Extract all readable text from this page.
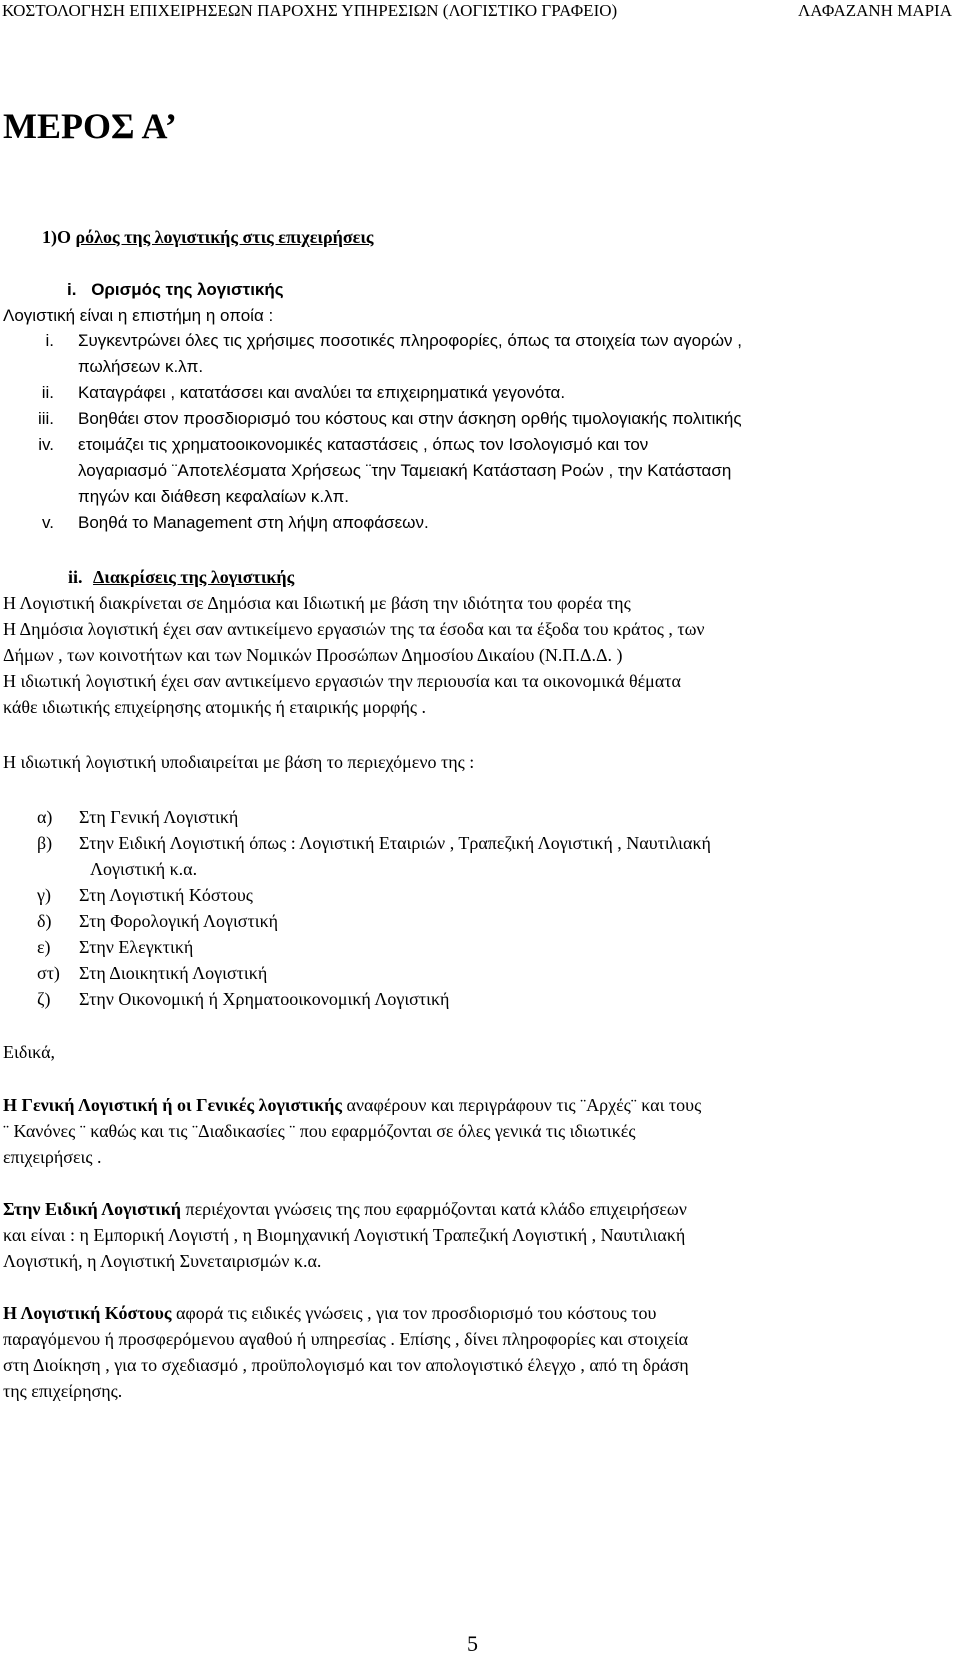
ΚΟΣΤΟΛΟΓΗΣΗ ΕΠΙΧΕΙΡΗΣΕΩΝ ΠΑΡΟΧΗΣ ΥΠΗΡΕΣΙΩΝ (ΛΟΓΙΣΤΙΚΟ ΓΡΑΦΕΙΟ)	ΛΑΦΑΖΑΝΗ ΜΑΡΙΑ
ΜΕΡΟΣ Α’
1)Ο ρόλος της λογιστικής στις επιχειρήσεις
i. Ορισμός της λογιστικής
Λογιστική είναι η επιστήμη η οποία :
i. Συγκεντρώνει όλες τις χρήσιμες ποσοτικές πληροφορίες, όπως τα στοιχεία των αγορών ,
πωλήσεων κ.λπ.
ii. Καταγράφει , κατατάσσει και αναλύει τα επιχειρηματικά γεγονότα.
iii. Βοηθάει στον προσδιορισμό του κόστους και στην άσκηση ορθής τιμολογιακής πολιτικής
iv. ετοιμάζει τις χρηματοοικονομικές καταστάσεις , όπως τον Ισολογισμό και τον
λογαριασμό ¨Αποτελέσματα Χρήσεως ¨την Ταμειακή Κατάσταση Ροών , την Κατάσταση
πηγών και διάθεση κεφαλαίων κ.λπ.
v. Βοηθά το Management στη λήψη αποφάσεων.
ii. Διακρίσεις της λογιστικής
Η Λογιστική διακρίνεται σε Δημόσια και Ιδιωτική με βάση την ιδιότητα του φορέα της
Η Δημόσια λογιστική έχει σαν αντικείμενο εργασιών της τα έσοδα και τα έξοδα του κράτος , των
Δήμων , των κοινοτήτων και των Νομικών Προσώπων Δημοσίου Δικαίου (Ν.Π.Δ.Δ. )
Η ιδιωτική λογιστική έχει σαν αντικείμενο εργασιών την περιουσία και τα οικονομικά θέματα
κάθε ιδιωτικής επιχείρησης ατομικής ή εταιρικής μορφής .
Η ιδιωτική λογιστική υποδιαιρείται με βάση το περιεχόμενο της :
α) Στη Γενική Λογιστική
β) Στην Ειδική Λογιστική όπως : Λογιστική Εταιριών , Τραπεζική Λογιστική , Ναυτιλιακή
Λογιστική κ.α.
γ) Στη Λογιστική Κόστους
δ) Στη Φορολογική Λογιστική
ε) Στην Ελεγκτική
στ) Στη Διοικητική Λογιστική
ζ) Στην Οικονομική ή Χρηματοοικονομική Λογιστική
Ειδικά,
Η Γενική Λογιστική ή οι Γενικές λογιστικής αναφέρουν και περιγράφουν τις ¨Αρχές¨ και τους
¨ Κανόνες ¨ καθώς και τις ¨Διαδικασίες ¨ που εφαρμόζονται σε όλες γενικά τις ιδιωτικές
επιχειρήσεις .
Στην Ειδική Λογιστική περιέχονται γνώσεις της που εφαρμόζονται κατά κλάδο επιχειρήσεων
και είναι : η Εμπορική Λογιστή , η Βιομηχανική Λογιστική Τραπεζική Λογιστική , Ναυτιλιακή
Λογιστική, η Λογιστική Συνεταιρισμών κ.α.
Η Λογιστική Κόστους αφορά τις ειδικές γνώσεις , για τον προσδιορισμό του κόστους του
παραγόμενου ή προσφερόμενου αγαθού ή υπηρεσίας . Επίσης , δίνει πληροφορίες και στοιχεία
στη Διοίκηση , για το σχεδιασμό , προϋπολογισμό και τον απολογιστικό έλεγχο , από τη δράση
της επιχείρησης.
5
